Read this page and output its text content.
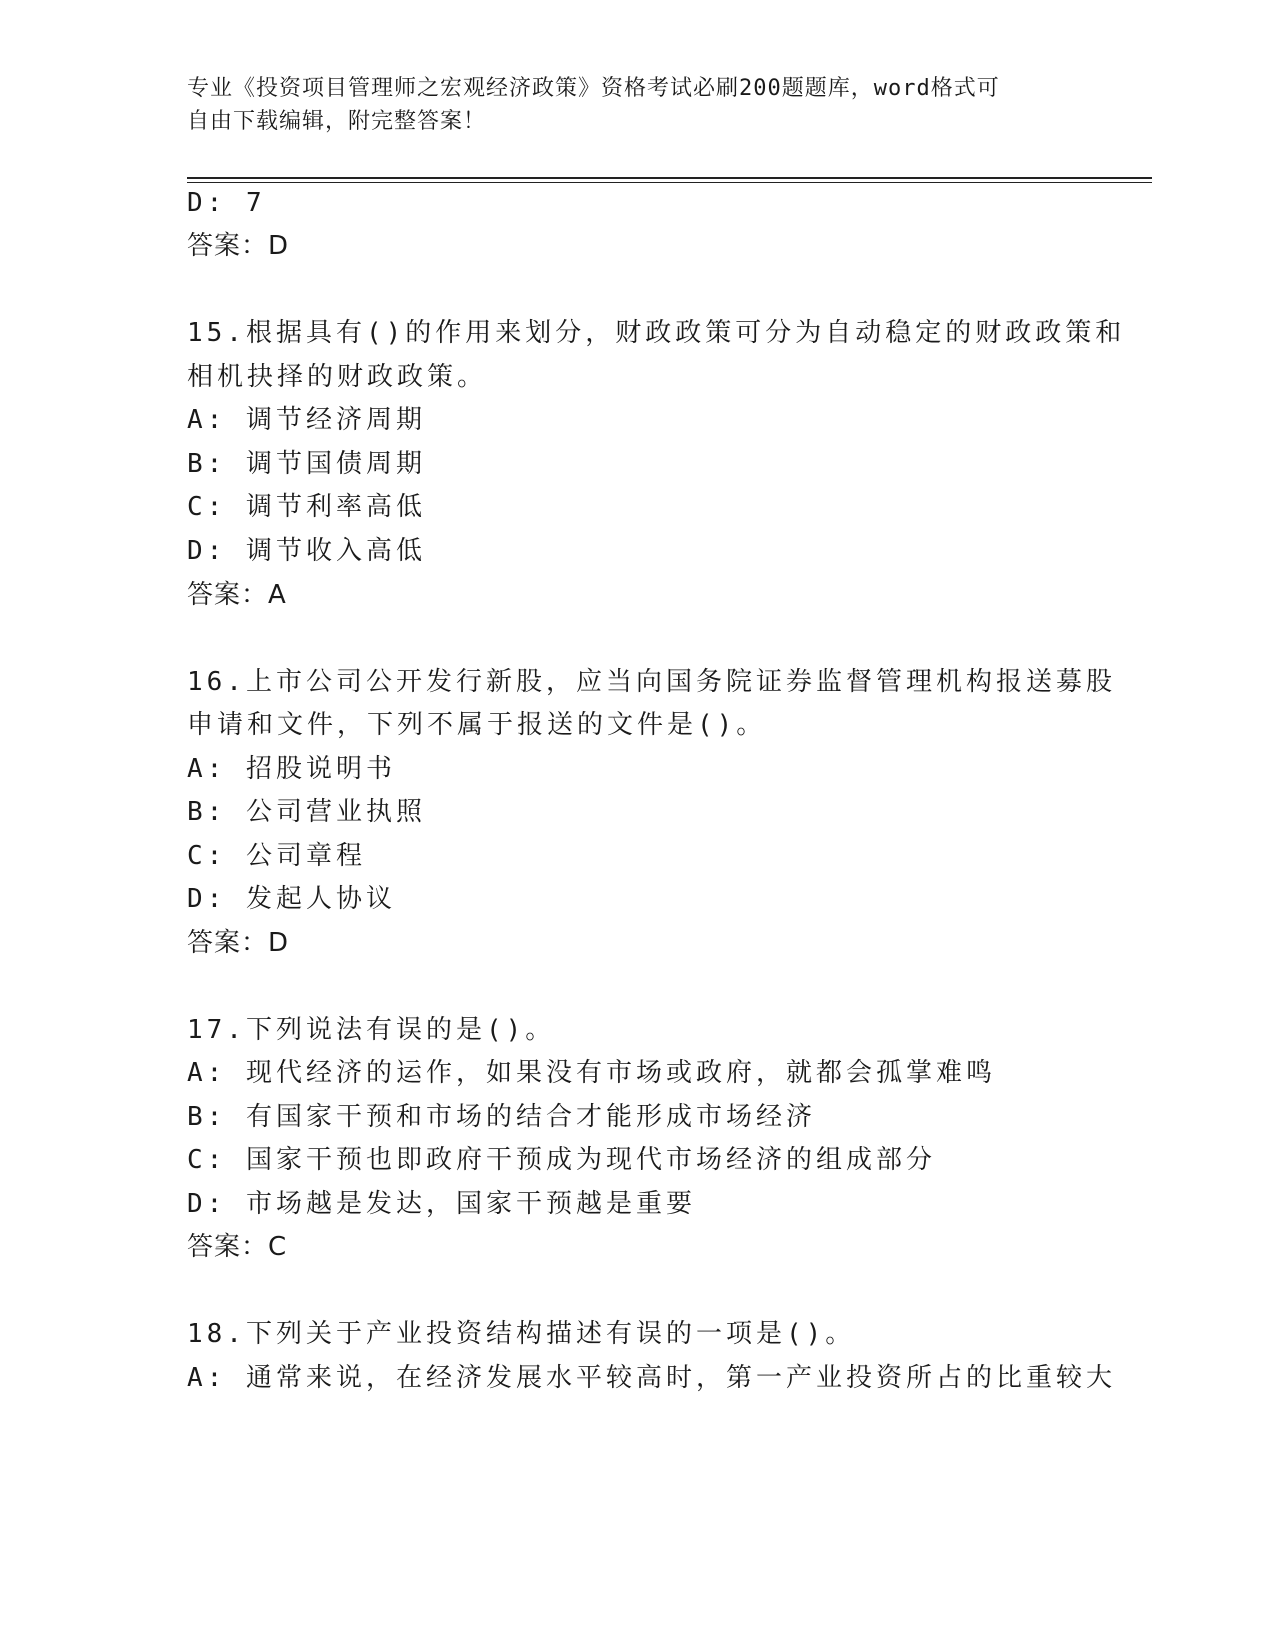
专业《投资项目管理师之宏观经济政策》资格考试必刷200题题库，word格式可
自由下载编辑，附完整答案！
D: 7
答案：D
15.根据具有()的作用来划分，财政政策可分为自动稳定的财政政策和
相机抉择的财政政策。
A: 调节经济周期
B: 调节国债周期
C: 调节利率高低
D: 调节收入高低
答案：A
16.上市公司公开发行新股，应当向国务院证券监督管理机构报送募股
申请和文件，下列不属于报送的文件是()。
A: 招股说明书
B: 公司营业执照
C: 公司章程
D: 发起人协议
答案：D
17.下列说法有误的是()。
A: 现代经济的运作，如果没有市场或政府，就都会孤掌难鸣
B: 有国家干预和市场的结合才能形成市场经济
C: 国家干预也即政府干预成为现代市场经济的组成部分
D: 市场越是发达，国家干预越是重要
答案：C
18.下列关于产业投资结构描述有误的一项是()。
A: 通常来说，在经济发展水平较高时，第一产业投资所占的比重较大
